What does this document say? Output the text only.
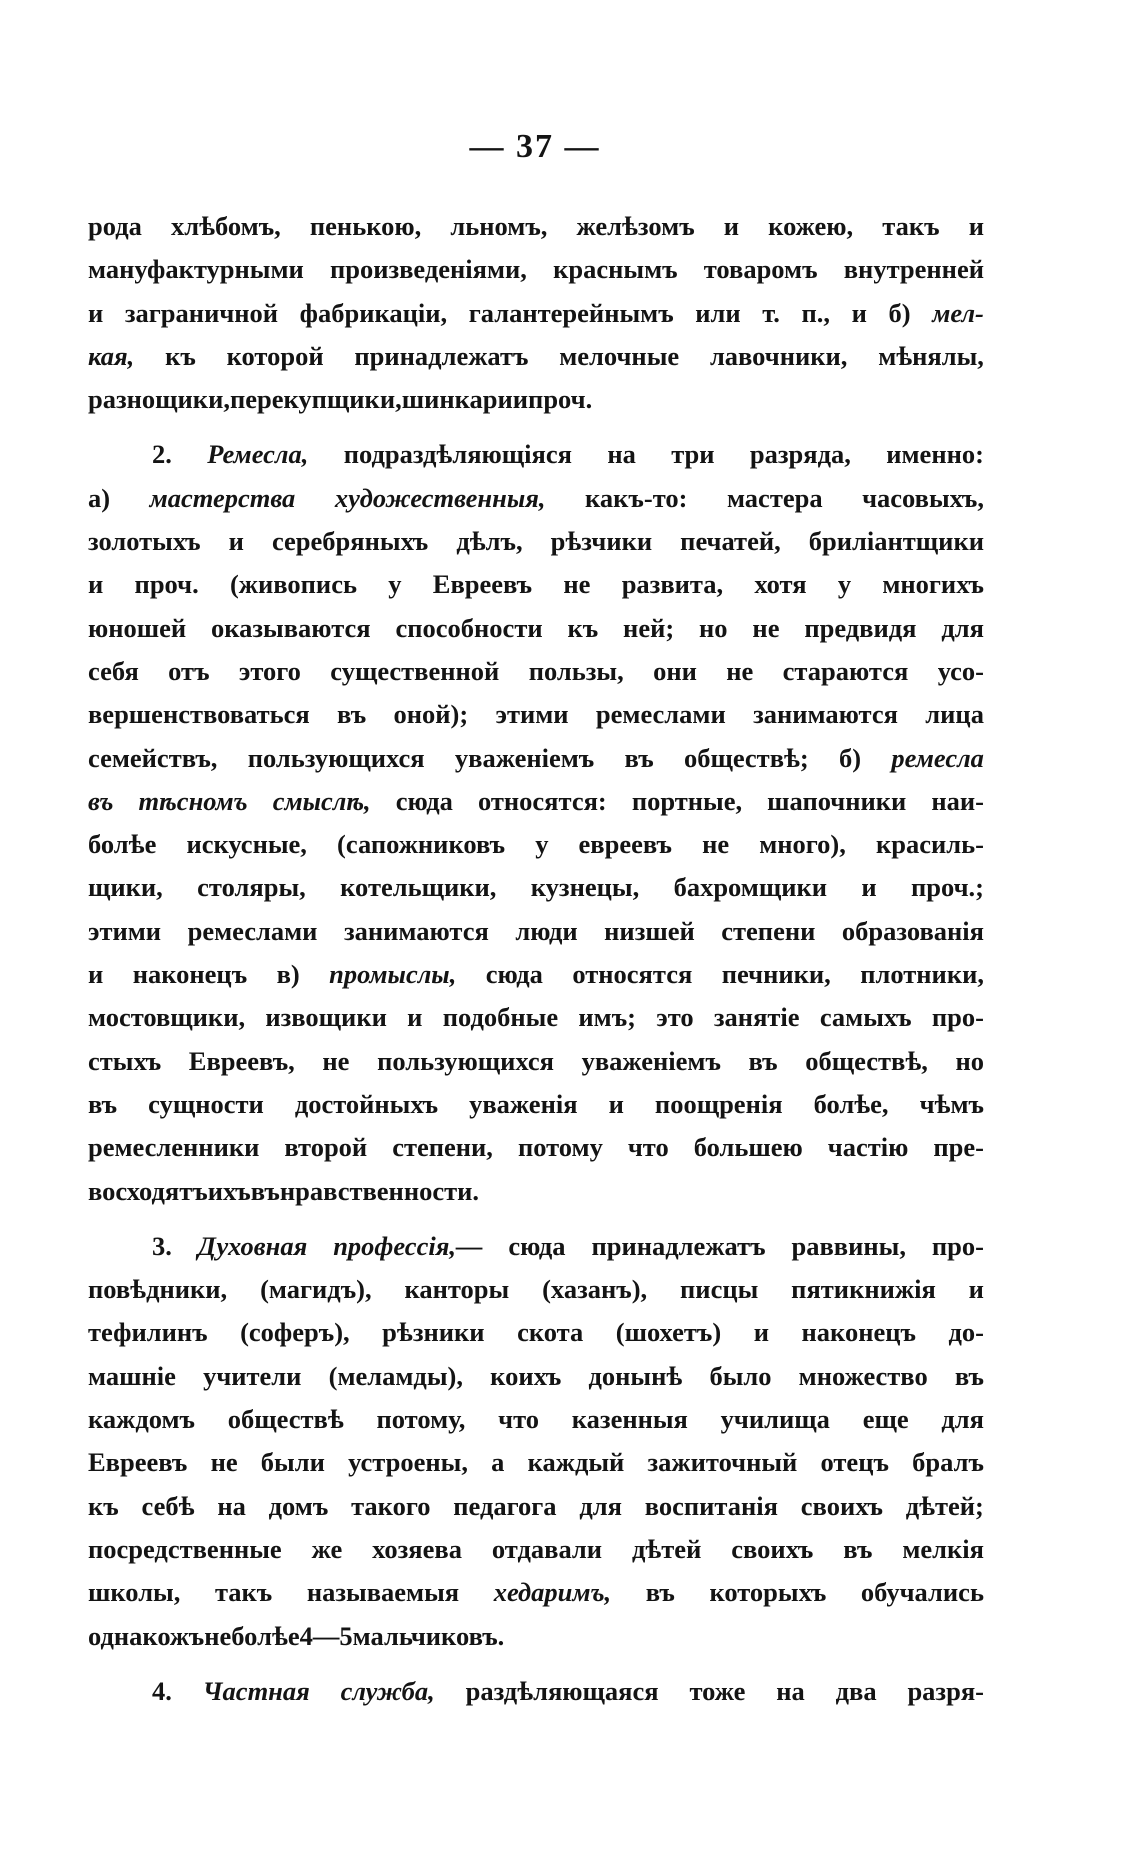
— 37 —
рода хлѣбомъ, пенькою, льномъ, желѣзомъ и кожею, такъ и
мануфактурными произведеніями, краснымъ товаромъ внутренней
и заграничной фабрикаціи, галантерейнымъ или т. п., и б) мел-
кая, къ которой принадлежатъ мелочные лавочники, мѣнялы,
разнощики, перекупщики, шинкари и проч.
2. Ремесла, подраздѣляющіяся на три разряда, именно:
а) мастерства художественныя, какъ-то: мастера часовыхъ,
золотыхъ и серебряныхъ дѣлъ, рѣзчики печатей, бриліантщики
и проч. (живопись у Евреевъ не развита, хотя у многихъ
юношей оказываются способности къ ней; но не предвидя для
себя отъ этого существенной пользы, они не стараются усо-
вершенствоваться въ оной); этими ремеслами занимаются лица
семействъ, пользующихся уваженіемъ въ обществѣ; б) ремесла
въ тѣсномъ смыслѣ, сюда относятся: портные, шапочники наи-
болѣе искусные, (сапожниковъ у евреевъ не много), красиль-
щики, столяры, котельщики, кузнецы, бахромщики и проч.;
этими ремеслами занимаются люди низшей степени образованія
и наконецъ в) промыслы, сюда относятся печники, плотники,
мостовщики, извощики и подобные имъ; это занятіе самыхъ про-
стыхъ Евреевъ, не пользующихся уваженіемъ въ обществѣ, но
въ сущности достойныхъ уваженія и поощренія болѣе, чѣмъ
ремесленники второй степени, потому что большею частію пре-
восходятъ ихъ въ нравственности.
3. Духовная профессія,— сюда принадлежатъ раввины, про-
повѣдники, (магидъ), канторы (хазанъ), писцы пятикнижія и
тефилинъ (соферъ), рѣзники скота (шохетъ) и наконецъ до-
машніе учители (меламды), коихъ донынѣ было множество въ
каждомъ обществѣ потому, что казенныя училища еще для
Евреевъ не были устроены, а каждый зажиточный отецъ бралъ
къ себѣ на домъ такого педагога для воспитанія своихъ дѣтей;
посредственные же хозяева отдавали дѣтей своихъ въ мелкія
школы, такъ называемыя хедаримъ, въ которыхъ обучались
однакожъ неболѣе 4—5 мальчиковъ.
4. Частная служба, раздѣляющаяся тоже на два разря-
